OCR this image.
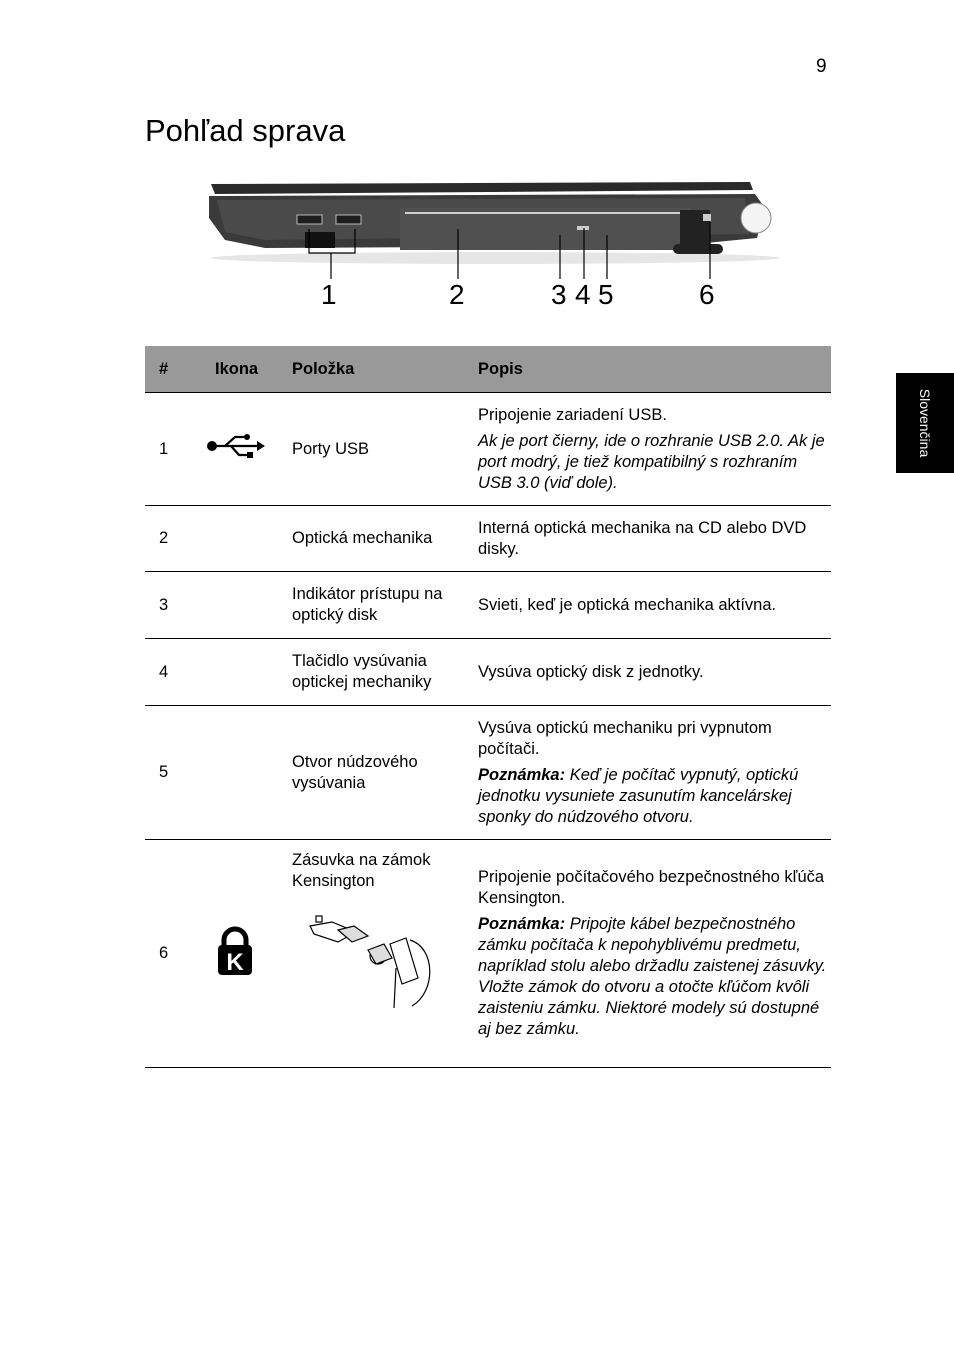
9
Pohľad sprava
Slovenčina
1	2	3 4 5	6
#	Ikona	Položka	Popis
1		Porty USB	Pripojenie zariadení USB.

Ak je port čierny, ide o rozhranie USB 2.0. Ak je port modrý, je tiež kompatibilný s rozhraním USB 3.0 (viď dole).

2		Optická mechanika	Interná optická mechanika na CD alebo DVD disky.
3		Indikátor prístupu na optický disk	Svieti, keď je optická mechanika aktívna.
4		Tlačidlo vysúvania optickej mechaniky	Vysúva optický disk z jednotky.
5		Otvor núdzového vysúvania	Vysúva optickú mechaniku pri vypnutom počítači.

Poznámka: Keď je počítač vypnutý, optickú jednotku vysuniete zasunutím kancelárskej sponky do núdzového otvoru.

6	K	Zásuvka na zámok Kensington	Pripojenie počítačového bezpečnostného kľúča Kensington.

Poznámka: Pripojte kábel bezpečnostného zámku počítača k nepohyblivému predmetu, napríklad stolu alebo držadlu zaistenej zásuvky. Vložte zámok do otvoru a otočte kľúčom kvôli zaisteniu zámku. Niektoré modely sú dostupné aj bez zámku.
